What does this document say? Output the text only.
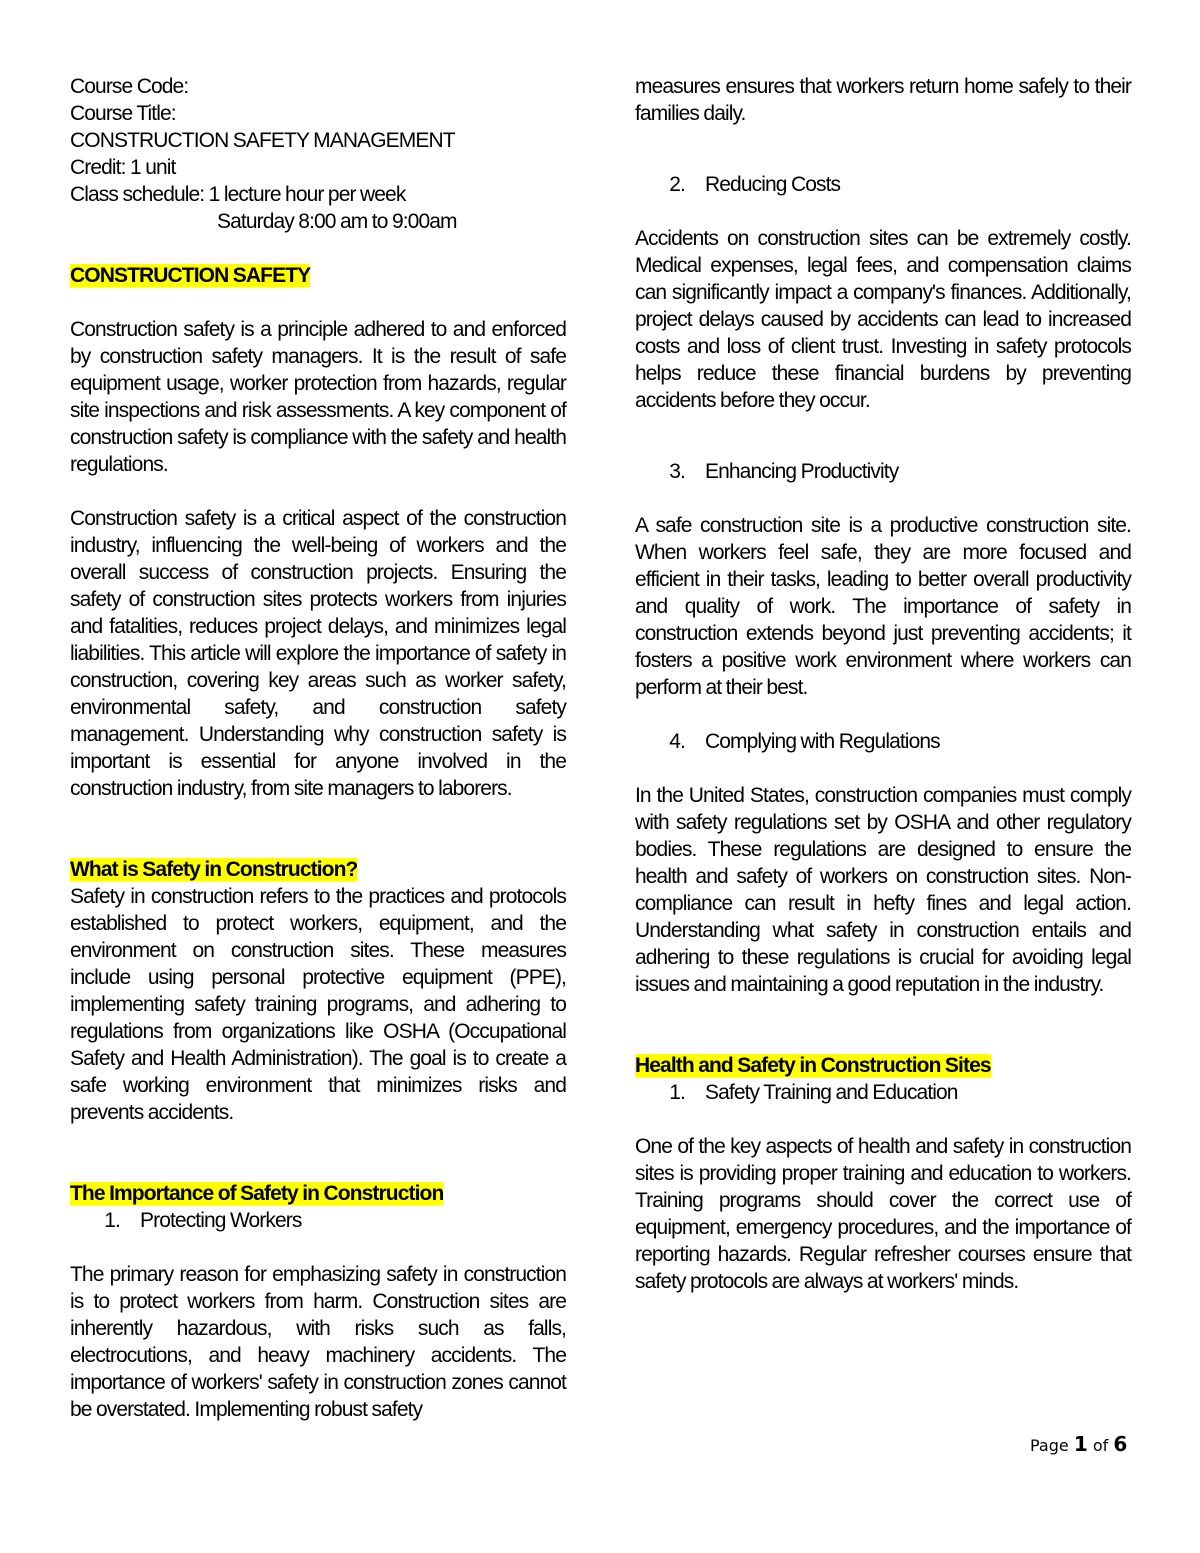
Course Code:

Course Title:

CONSTRUCTION SAFETY MANAGEMENT

Credit: 1 unit

Class schedule: 1 lecture hour per week

Saturday 8:00 am to 9:00am

CONSTRUCTION SAFETY

Construction safety is a principle adhered to and enforced by construction safety managers. It is the result of safe equipment usage, worker protection from hazards, regular site inspections and risk assessments. A key component of construction safety is compliance with the safety and health regulations.

Construction safety is a critical aspect of the construction industry, influencing the well-being of workers and the overall success of construction projects. Ensuring the safety of construction sites protects workers from injuries and fatalities, reduces project delays, and minimizes legal liabilities. This article will explore the importance of safety in construction, covering key areas such as worker safety, environmental safety, and construction safety management. Understanding why construction safety is important is essential for anyone involved in the construction industry, from site managers to laborers.

What is Safety in Construction?

Safety in construction refers to the practices and protocols established to protect workers, equipment, and the environment on construction sites. These measures include using personal protective equipment (PPE), implementing safety training programs, and adhering to regulations from organizations like OSHA (Occupational Safety and Health Administration). The goal is to create a safe working environment that minimizes risks and prevents accidents.

The Importance of Safety in Construction

1. Protecting Workers

The primary reason for emphasizing safety in construction is to protect workers from harm. Construction sites are inherently hazardous, with risks such as falls, electrocutions, and heavy machinery accidents. The importance of workers' safety in construction zones cannot be overstated. Implementing robust safety

measures ensures that workers return home safely to their families daily.

2. Reducing Costs

Accidents on construction sites can be extremely costly. Medical expenses, legal fees, and compensation claims can significantly impact a company's finances. Additionally, project delays caused by accidents can lead to increased costs and loss of client trust. Investing in safety protocols helps reduce these financial burdens by preventing accidents before they occur.

3. Enhancing Productivity

A safe construction site is a productive construction site. When workers feel safe, they are more focused and efficient in their tasks, leading to better overall productivity and quality of work. The importance of safety in construction extends beyond just preventing accidents; it fosters a positive work environment where workers can perform at their best.

4. Complying with Regulations

In the United States, construction companies must comply with safety regulations set by OSHA and other regulatory bodies. These regulations are designed to ensure the health and safety of workers on construction sites. Non-compliance can result in hefty fines and legal action. Understanding what safety in construction entails and adhering to these regulations is crucial for avoiding legal issues and maintaining a good reputation in the industry.

Health and Safety in Construction Sites

1. Safety Training and Education

One of the key aspects of health and safety in construction sites is providing proper training and education to workers. Training programs should cover the correct use of equipment, emergency procedures, and the importance of reporting hazards. Regular refresher courses ensure that safety protocols are always at workers' minds.

Page 1 of 6
